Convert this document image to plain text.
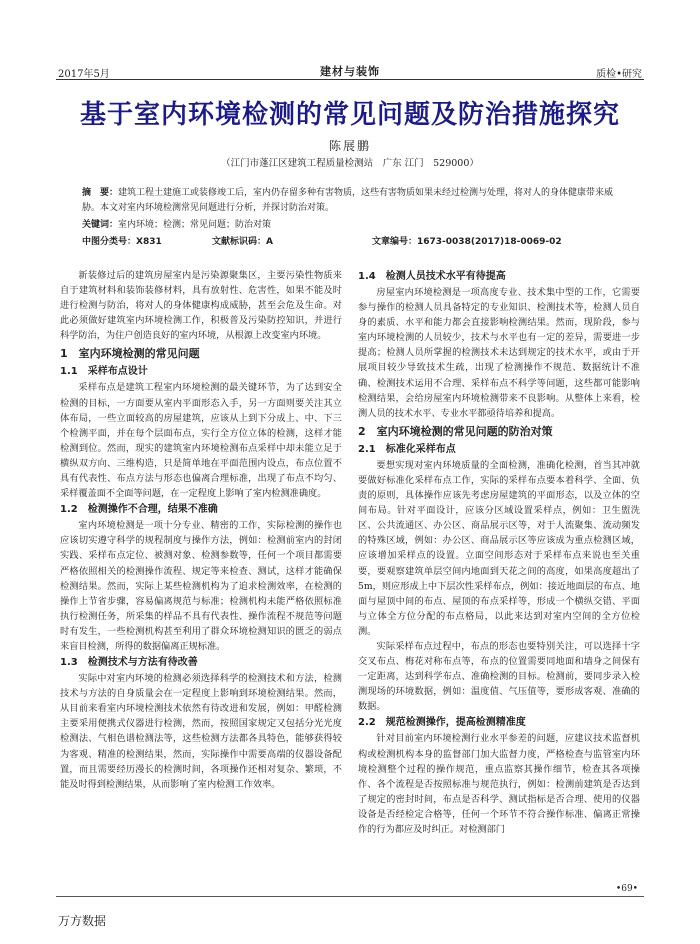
2017年5月	建材与装饰	质检•研究
基于室内环境检测的常见问题及防治措施探究
陈展鹏
（江门市蓬江区建筑工程质量检测站　广东 江门　529000）
摘　要：建筑工程土建施工或装修竣工后，室内仍存留多种有害物质，这些有害物质如果未经过检测与处理，将对人的身体健康带来威胁。本文对室内环境检测常见问题进行分析，并探讨防治对策。
关键词：室内环境；检测；常见问题；防治对策
中图分类号：X831	文献标识码：A	文章编号：1673-0038(2017)18-0069-02
新装修过后的建筑房屋室内是污染源聚集区，主要污染性物质来自于建筑材料和装饰装修材料，具有放射性、危害性，如果不能及时进行检测与防治，将对人的身体健康构成威胁，甚至会危及生命。对此必须做好建筑室内环境检测工作，积极普及污染防控知识，并进行科学防治，为住户创造良好的室内环境，从根源上改变室内环境。
1　室内环境检测的常见问题
1.1　采样布点设计
采样布点是建筑工程室内环境检测的最关键环节，为了达到安全检测的目标，一方面要从室内平面形态入手，另一方面则要关注其立体布局，一些立面较高的房屋建筑，应该从上到下分成上、中、下三个检测平面，并在每个层面布点，实行全方位立体的检测，这样才能检测到位。然而，现实的建筑室内环境检测布点采样中却未能立足于横纵双方向、三维构造，只是简单地在平面范围内设点，布点位置不具有代表性、布点方法与形态也偏离合理标准，出现了布点不均匀、采样覆盖面不全面等问题，在一定程度上影响了室内检测准确度。
1.2　检测操作不合理，结果不准确
室内环境检测是一项十分专业、精密的工作，实际检测的操作也应该切实遵守科学的规程制度与操作方法，例如：检测前室内的封闭实践、采样布点定位、被测对象、检测参数等，任何一个项目都需要严格依照相关的检测操作流程、规定等来检查、测试，这样才能确保检测结果。然而，实际上某些检测机构为了追求检测效率，在检测的操作上节省步骤，容易偏离规范与标准；检测机构未能严格依照标准执行检测任务，所采集的样品不具有代表性、操作流程不规范等问题时有发生，一些检测机构甚至利用了群众环境检测知识的匮乏的弱点来盲目检测，所得的数据偏离正规标准。
1.3　检测技术与方法有待改善
实际中对室内环境的检测必须选择科学的检测技术和方法，检测技术与方法的自身质量会在一定程度上影响到环境检测结果。然而，从目前来看室内环境检测技术依然有待改进和发展，例如：甲醛检测主要采用便携式仪器进行检测，然而，按照国家规定又包括分光光度检测法、气相色谱检测法等，这些检测方法都各具特色，能够获得较为客观、精准的检测结果，然而，实际操作中需要高端的仪器设备配置，而且需要经历漫长的检测时间，各项操作还相对复杂、繁琐，不能及时得到检测结果，从而影响了室内检测工作效率。
1.4　检测人员技术水平有待提高
房屋室内环境检测是一项高度专业、技术集中型的工作，它需要参与操作的检测人员具备特定的专业知识、检测技术等，检测人员自身的素质、水平和能力都会直接影响检测结果。然而，现阶段，参与室内环境检测的人员较少，技术与水平也有一定的差异，需要进一步提高；检测人员所掌握的检测技术未达到规定的技术水平，或由于开展项目较少导致技术生疏，出现了检测操作不规范、数据统计不准确、检测技术运用不合理、采样布点不科学等问题，这些都可能影响检测结果，会给房屋室内环境检测带来不良影响。从整体上来看，检测人员的技术水平、专业水平都亟待培养和提高。
2　室内环境检测的常见问题的防治对策
2.1　标准化采样布点
要想实现对室内环境质量的全面检测，准确化检测，首当其冲就要做好标准化采样布点工作，实际的采样布点要本着科学、全面、负责的原则，具体操作应该先考虑房屋建筑的平面形态，以及立体的空间布局。针对平面设计，应该分区域设置采样点，例如：卫生盥洗区、公共流通区、办公区、商品展示区等，对于人流聚集、流动频发的特殊区域，例如：办公区、商品展示区等应该成为重点检测区域，应该增加采样点的设置。立面空间形态对于采样布点来说也至关重要，要观察建筑单层空间内地面到天花之间的高度，如果高度超出了5m，则应形成上中下层次性采样布点，例如：接近地面层的布点、地面与屋顶中间的布点、屋顶的布点采样等，形成一个横纵交错、平面与立体全方位分配的布点格局，以此来达到对室内空间的全方位检测。
实际采样布点过程中，布点的形态也要特别关注，可以选择十字交叉布点、梅花对称布点等，布点的位置需要同地面和墙身之间保有一定距离，达到科学布点、准确检测的目标。检测前，要同步录入检测现场的环境数据，例如：温度值、气压值等，要形成客观、准确的数据。
2.2　规范检测操作，提高检测精准度
针对目前室内环境检测行业水平参差的问题，应建议技术监督机构或检测机构本身的监督部门加大监督力度，严格检查与监管室内环境检测整个过程的操作规范，重点监察其操作细节，检查其各项操作、各个流程是否按照标准与规范执行，例如：检测前建筑是否达到了规定的密封时间，布点是否科学、测试指标是否合理、使用的仪器设备是否经检定合格等，任何一个环节不符合操作标准、偏离正常操作的行为都应及时纠正。对检测部门
•69•
万方数据
